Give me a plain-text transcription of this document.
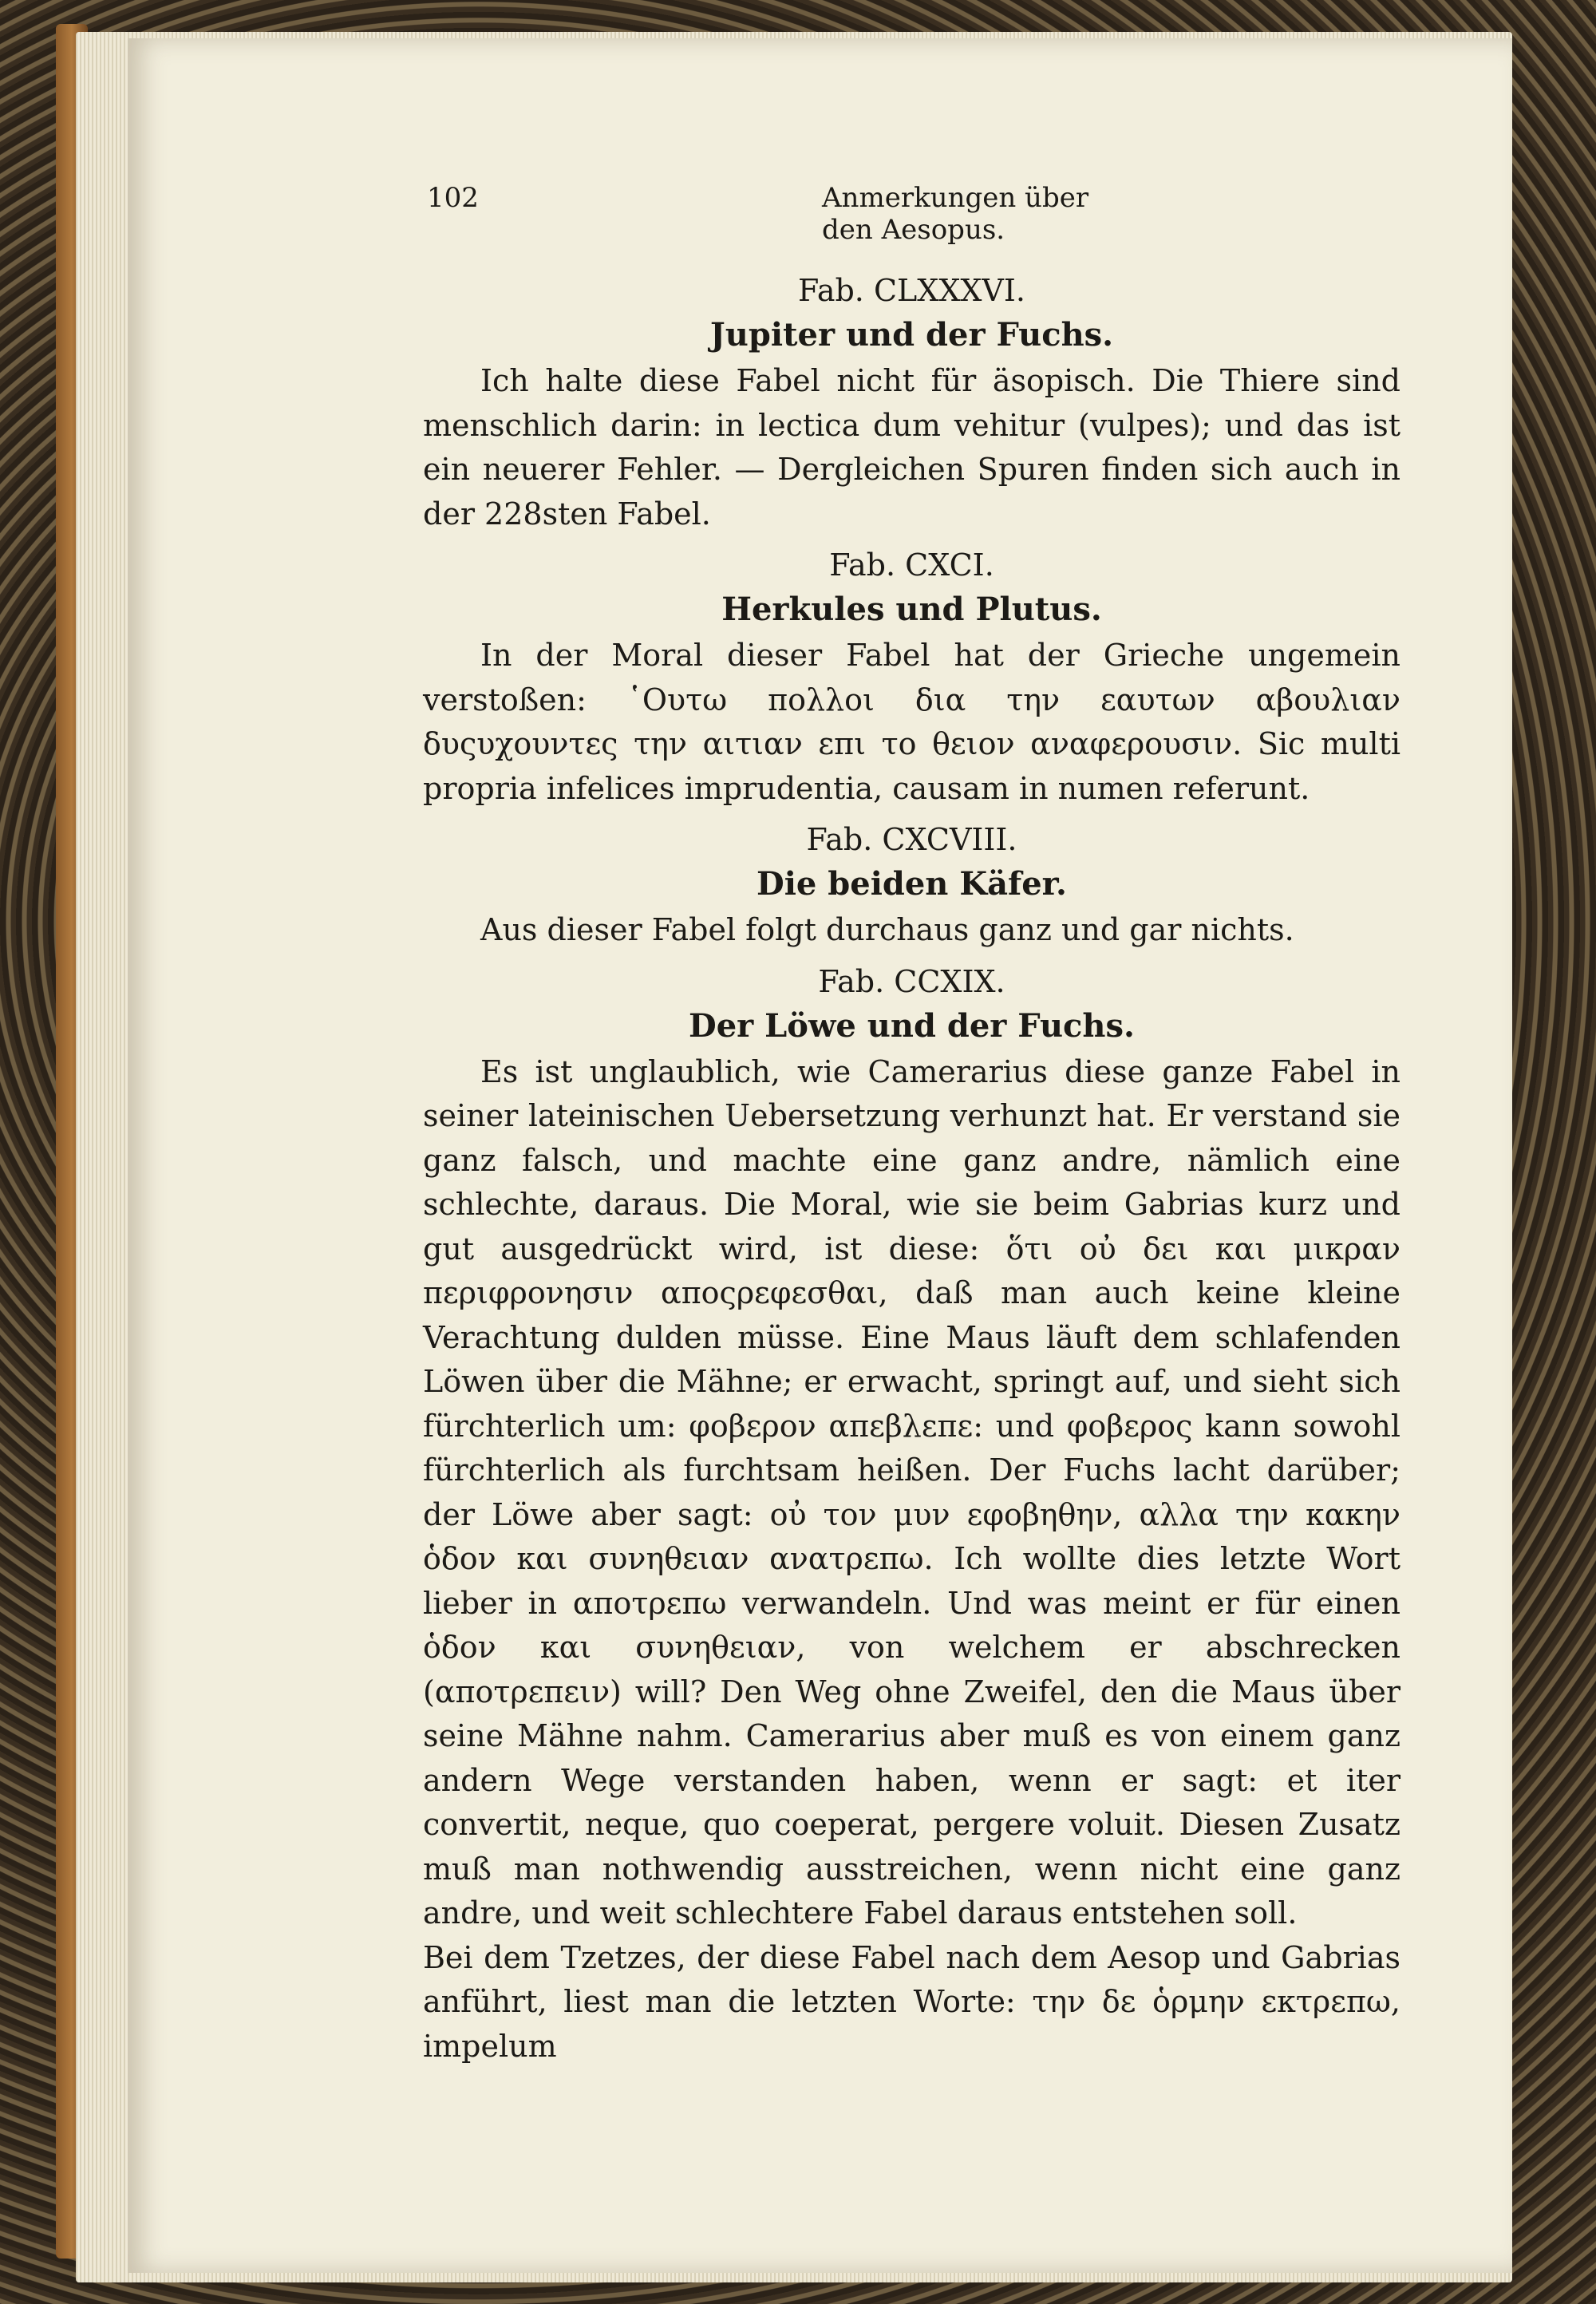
102	Anmerkungen über den Aesopus.

Fab. CLXXXVI.

Jupiter und der Fuchs.

Ich halte diese Fabel nicht für äsopisch. Die Thiere sind menschlich darin: in lectica dum vehitur (vulpes); und das ist ein neuerer Fehler. — Dergleichen Spuren finden sich auch in der 228sten Fabel.

Fab. CXCI.

Herkules und Plutus.

In der Moral dieser Fabel hat der Grieche ungemein verstoßen: ῾Ουτω πολλοι δια την εαυτων αβουλιαν δυςυχουντες την αιτιαν επι το θειον αναφερουσιν. Sic multi propria infelices imprudentia, causam in numen referunt.

Fab. CXCVIII.

Die beiden Käfer.

Aus dieser Fabel folgt durchaus ganz und gar nichts.

Fab. CCXIX.

Der Löwe und der Fuchs.

Es ist unglaublich, wie Camerarius diese ganze Fabel in seiner lateinischen Uebersetzung verhunzt hat. Er verstand sie ganz falsch, und machte eine ganz andre, nämlich eine schlechte, daraus. Die Moral, wie sie beim Gabrias kurz und gut ausgedrückt wird, ist diese: ὅτι οὐ δει και μικραν περιφρονησιν αποςρεφεσθαι, daß man auch keine kleine Verachtung dulden müsse. Eine Maus läuft dem schlafenden Löwen über die Mähne; er erwacht, springt auf, und sieht sich fürchterlich um: φοβερον απεβλεπε: und φοβερος kann sowohl fürchterlich als furchtsam heißen. Der Fuchs lacht darüber; der Löwe aber sagt: οὐ τον μυν εφοβηθην, αλλα την κακην ὁδον και συνηθειαν ανατρεπω. Ich wollte dies letzte Wort lieber in αποτρεπω verwandeln. Und was meint er für einen ὁδον και συνηθειαν, von welchem er abschrecken (αποτρεπειν) will? Den Weg ohne Zweifel, den die Maus über seine Mähne nahm. Camerarius aber muß es von einem ganz andern Wege verstanden haben, wenn er sagt: et iter convertit, neque, quo coeperat, pergere voluit. Diesen Zusatz muß man nothwendig ausstreichen, wenn nicht eine ganz andre, und weit schlechtere Fabel daraus entstehen soll.

Bei dem Tzetzes, der diese Fabel nach dem Aesop und Gabrias anführt, liest man die letzten Worte: την δε ὁρμην εκτρεπω, impelum
